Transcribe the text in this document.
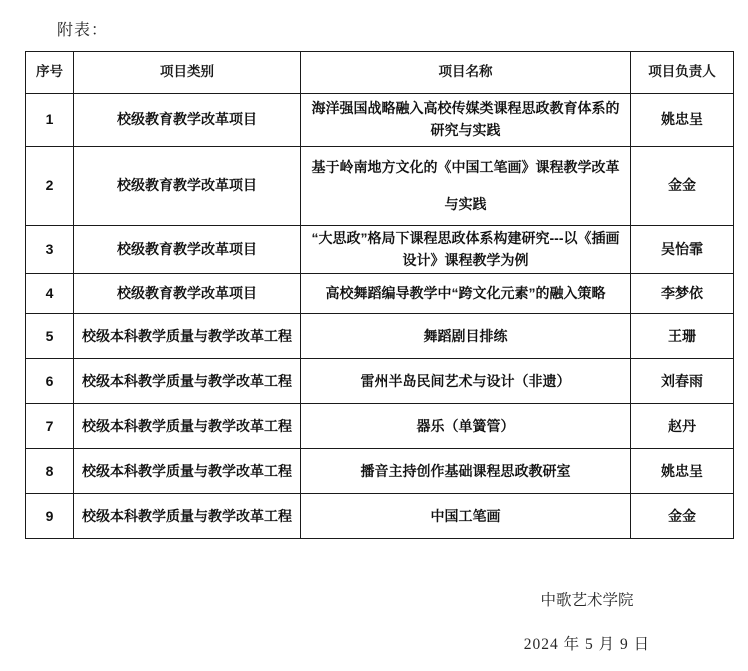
附表：
序号	项目类别	项目名称	项目负责人
1	校级教育教学改革项目	海洋强国战略融入高校传媒类课程思政教育体系的研究与实践	姚忠呈
2	校级教育教学改革项目	基于岭南地方文化的《中国工笔画》课程教学改革与实践	金金
3	校级教育教学改革项目	“大思政”格局下课程思政体系构建研究---以《插画设计》课程教学为例	吴怡霏
4	校级教育教学改革项目	高校舞蹈编导教学中“跨文化元素”的融入策略	李梦依
5	校级本科教学质量与教学改革工程	舞蹈剧目排练	王珊
6	校级本科教学质量与教学改革工程	雷州半岛民间艺术与设计（非遗）	刘春雨
7	校级本科教学质量与教学改革工程	器乐（单簧管）	赵丹
8	校级本科教学质量与教学改革工程	播音主持创作基础课程思政教研室	姚忠呈
9	校级本科教学质量与教学改革工程	中国工笔画	金金
中歌艺术学院
2024 年 5 月 9 日
